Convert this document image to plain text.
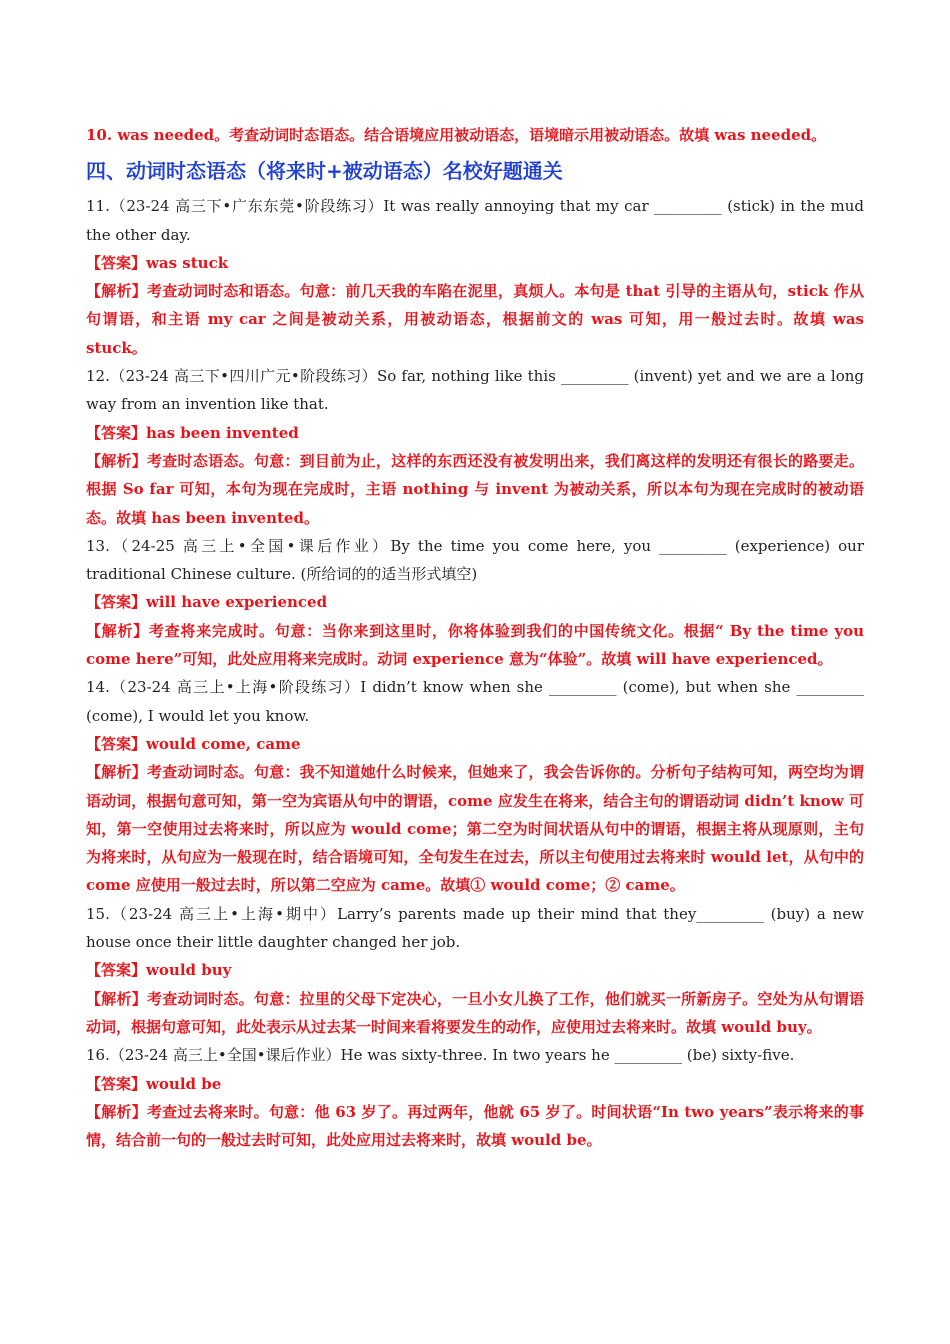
10. was needed。考查动词时态语态。结合语境应用被动语态，语境暗示用被动语态。故填 was needed。

四、动词时态语态（将来时+被动语态）名校好题通关

11.（23-24 高三下•广东东莞•阶段练习）It was really annoying that my car _________ (stick) in the mud the other day.

【答案】was stuck

【解析】考查动词时态和语态。句意：前几天我的车陷在泥里，真烦人。本句是 that 引导的主语从句，stick 作从句谓语，和主语 my car 之间是被动关系，用被动语态，根据前文的 was 可知，用一般过去时。故填 was stuck。

12.（23-24 高三下•四川广元•阶段练习）So far, nothing like this _________ (invent) yet and we are a long way from an invention like that.

【答案】has been invented

【解析】考查时态语态。句意：到目前为止，这样的东西还没有被发明出来，我们离这样的发明还有很长的路要走。根据 So far 可知，本句为现在完成时，主语 nothing 与 invent 为被动关系，所以本句为现在完成时的被动语态。故填 has been invented。

13.（24-25 高三上•全国•课后作业）By the time you come here, you _________ (experience) our traditional Chinese culture. (所给词的的适当形式填空)

【答案】will have experienced

【解析】考查将来完成时。句意：当你来到这里时，你将体验到我们的中国传统文化。根据“ By the time you come here”可知，此处应用将来完成时。动词 experience 意为“体验”。故填 will have experienced。

14.（23-24 高三上•上海•阶段练习）I didn’t know when she _________ (come), but when she _________ (come), I would let you know.

【答案】would come, came

【解析】考查动词时态。句意：我不知道她什么时候来，但她来了，我会告诉你的。分析句子结构可知，两空均为谓语动词，根据句意可知，第一空为宾语从句中的谓语，come 应发生在将来，结合主句的谓语动词 didn’t know 可知，第一空使用过去将来时，所以应为 would come；第二空为时间状语从句中的谓语，根据主将从现原则，主句为将来时，从句应为一般现在时，结合语境可知，全句发生在过去，所以主句使用过去将来时 would let，从句中的 come 应使用一般过去时，所以第二空应为 came。故填① would come；② came。

15.（23-24 高三上•上海•期中）Larry’s parents made up their mind that they_________ (buy) a new house once their little daughter changed her job.

【答案】would buy

【解析】考查动词时态。句意：拉里的父母下定决心，一旦小女儿换了工作，他们就买一所新房子。空处为从句谓语动词，根据句意可知，此处表示从过去某一时间来看将要发生的动作，应使用过去将来时。故填 would buy。

16.（23-24 高三上•全国•课后作业）He was sixty-three. In two years he _________ (be) sixty-five.

【答案】would be

【解析】考查过去将来时。句意：他 63 岁了。再过两年，他就 65 岁了。时间状语“In two years”表示将来的事情，结合前一句的一般过去时可知，此处应用过去将来时，故填 would be。
